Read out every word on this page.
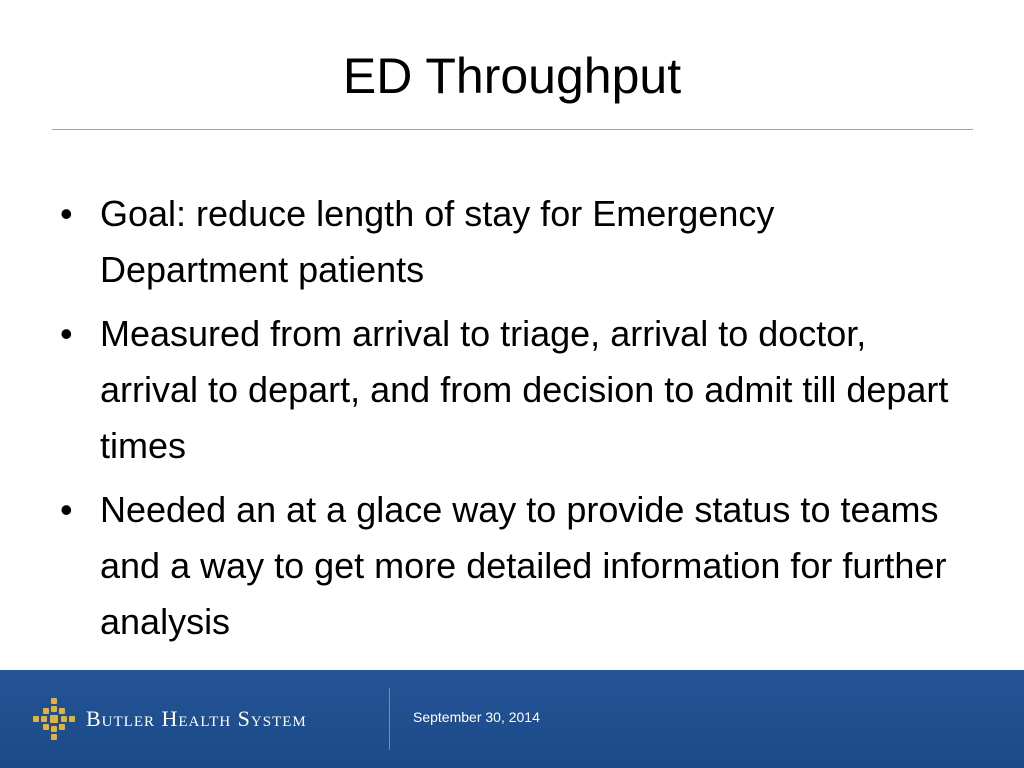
ED Throughput
• Goal: reduce length of stay for Emergency Department patients
• Measured from arrival to triage, arrival to doctor, arrival to depart, and from decision to admit till depart times
• Needed an at a glace way to provide status to teams and a way to get more detailed information for further analysis
Butler Health System	September 30, 2014
